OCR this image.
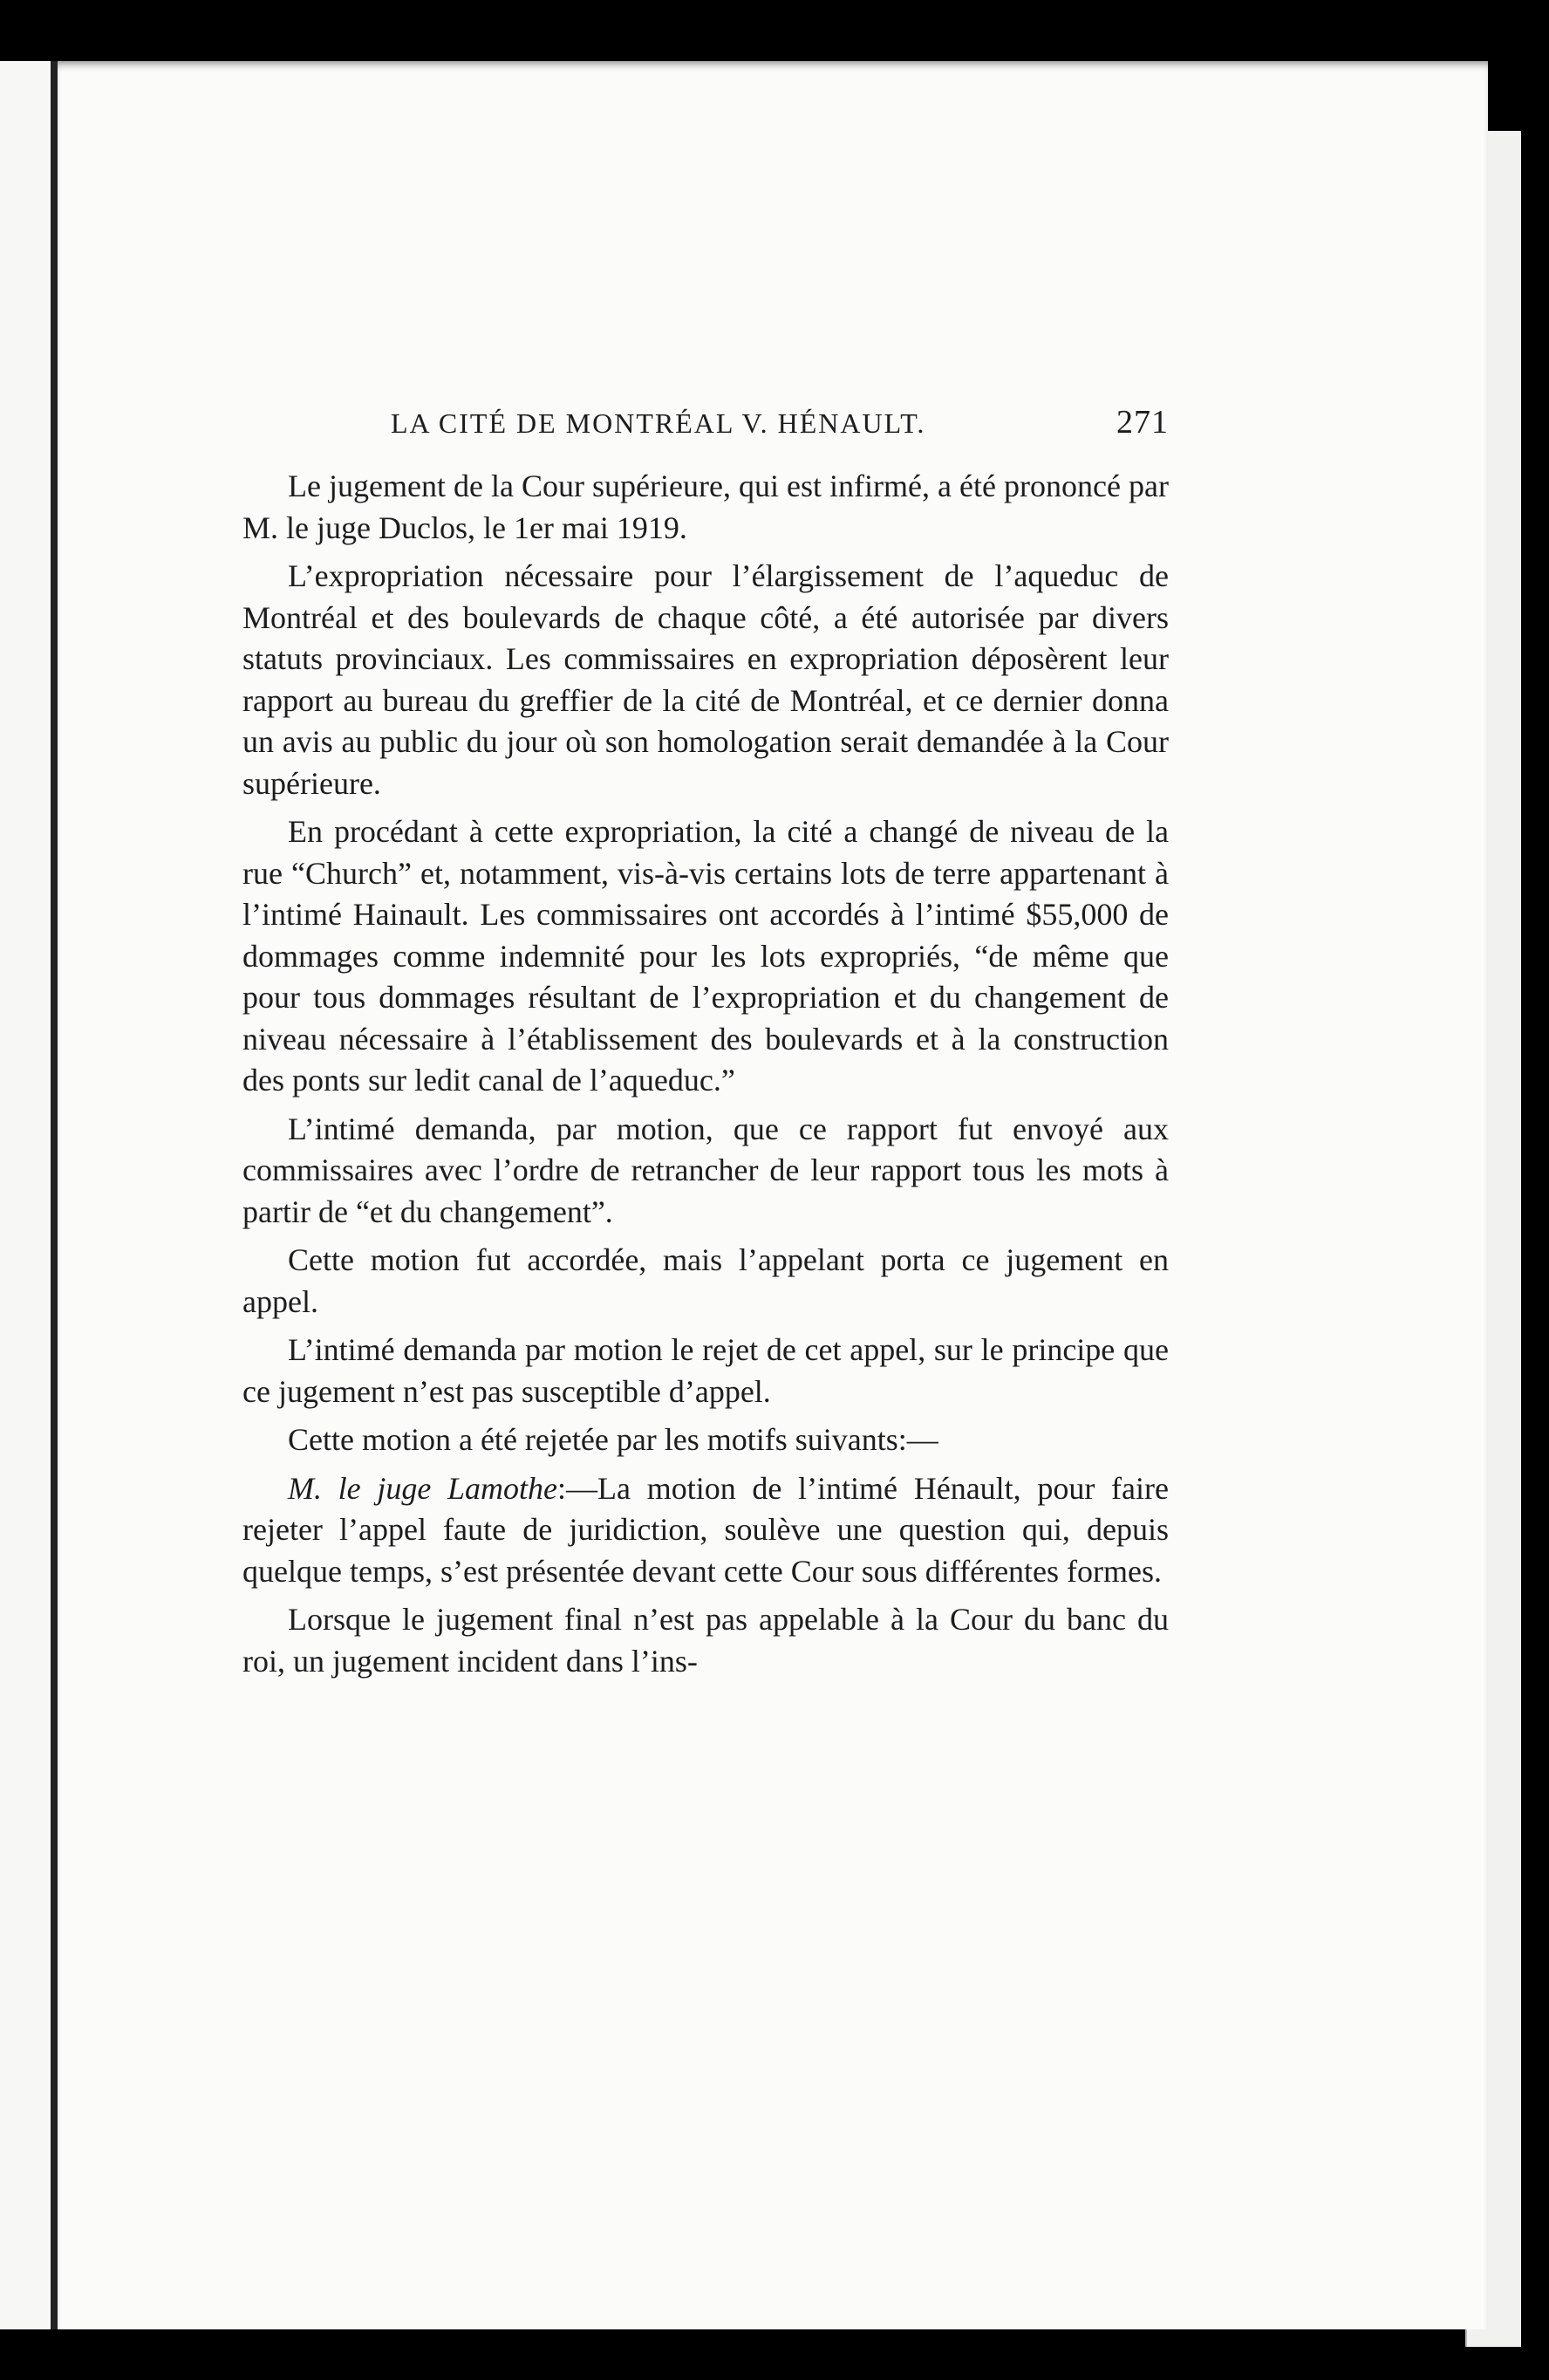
LA CITÉ DE MONTRÉAL V. HÉNAULT.	271

Le jugement de la Cour supérieure, qui est infirmé, a été prononcé par M. le juge Duclos, le 1er mai 1919.

L’expropriation nécessaire pour l’élargissement de l’aqueduc de Montréal et des boulevards de chaque côté, a été autorisée par divers statuts provinciaux. Les commissaires en expropriation déposèrent leur rapport au bureau du greffier de la cité de Montréal, et ce dernier donna un avis au public du jour où son homologation serait demandée à la Cour supérieure.

En procédant à cette expropriation, la cité a changé de niveau de la rue “Church” et, notamment, vis-à-vis certains lots de terre appartenant à l’intimé Hainault. Les commissaires ont accordés à l’intimé $55,000 de dommages comme indemnité pour les lots expropriés, “de même que pour tous dommages résultant de l’expropriation et du changement de niveau nécessaire à l’établissement des boulevards et à la construction des ponts sur ledit canal de l’aqueduc.”

L’intimé demanda, par motion, que ce rapport fut envoyé aux commissaires avec l’ordre de retrancher de leur rapport tous les mots à partir de “et du changement”.

Cette motion fut accordée, mais l’appelant porta ce jugement en appel.

L’intimé demanda par motion le rejet de cet appel, sur le principe que ce jugement n’est pas susceptible d’appel.

Cette motion a été rejetée par les motifs suivants:—

M. le juge Lamothe:—La motion de l’intimé Hénault, pour faire rejeter l’appel faute de juridiction, soulève une question qui, depuis quelque temps, s’est présentée devant cette Cour sous différentes formes.

Lorsque le jugement final n’est pas appelable à la Cour du banc du roi, un jugement incident dans l’ins-
